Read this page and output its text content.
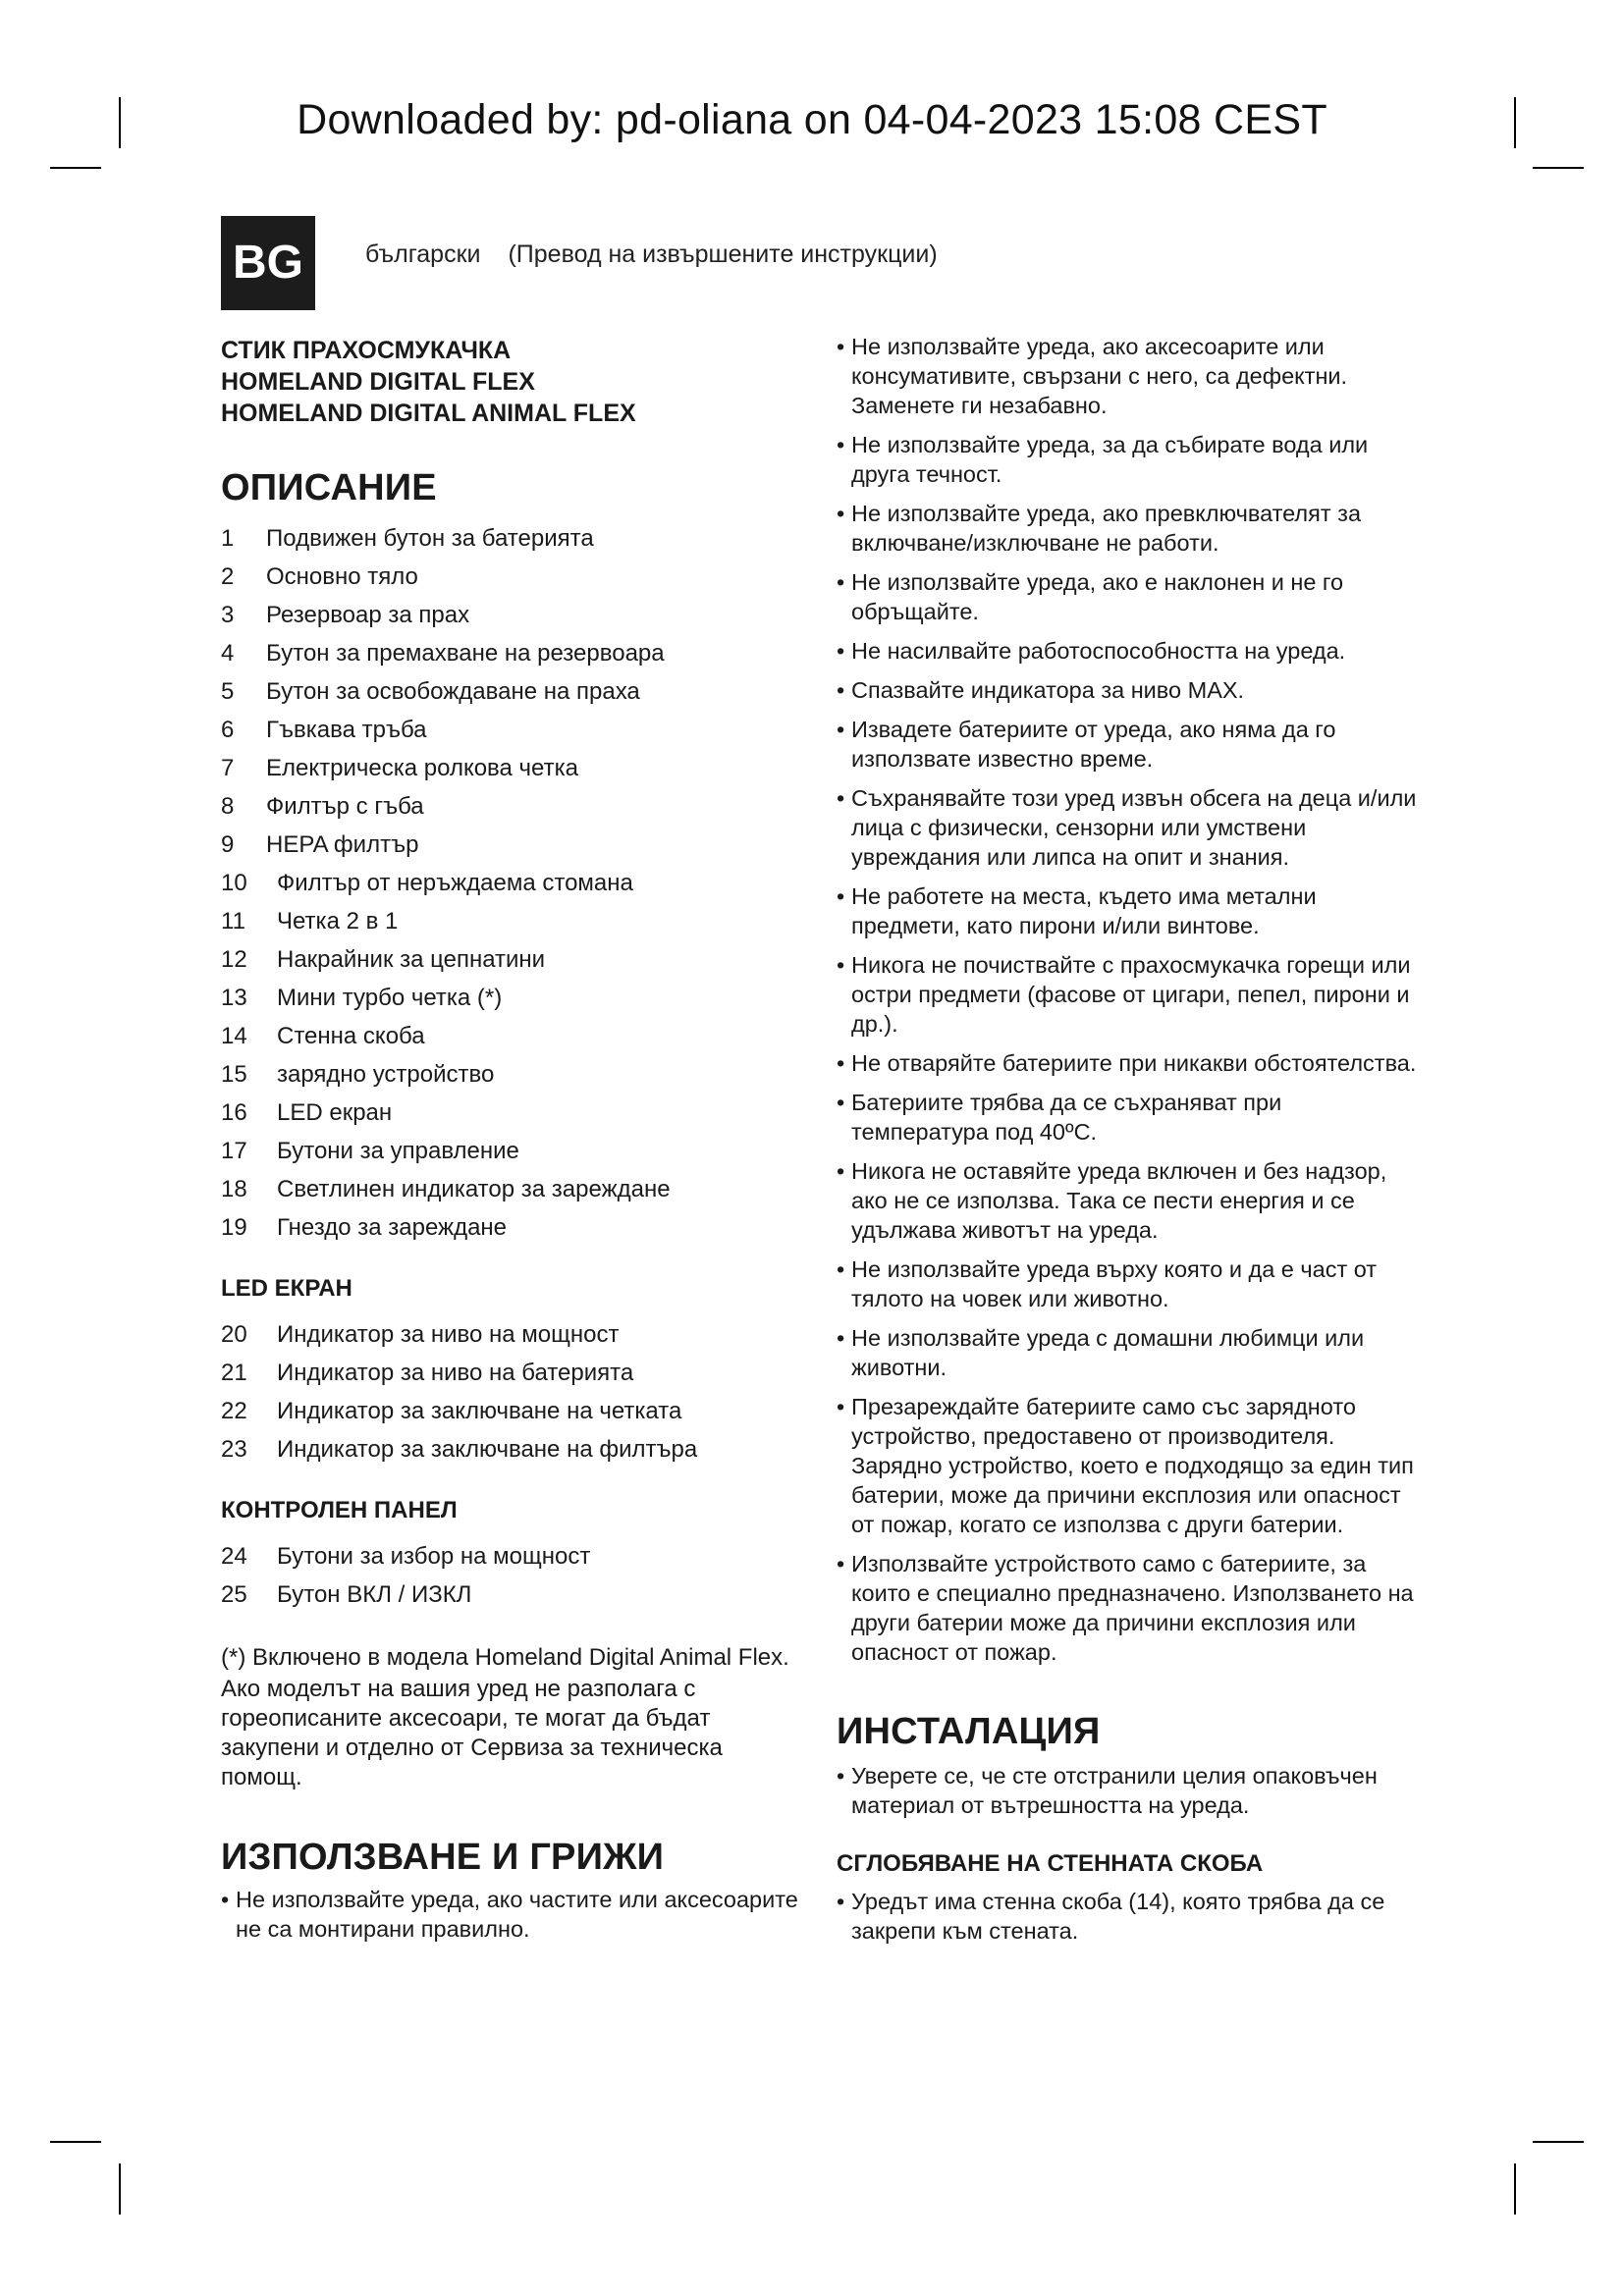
Downloaded by: pd-oliana on 04-04-2023 15:08 CEST
BG	български (Превод на извършените инструкции)

СТИК ПРАХОСМУКАЧКА

HOMELAND DIGITAL FLEX

HOMELAND DIGITAL ANIMAL FLEX

ОПИСАНИЕ
1	Подвижен бутон за батерията
2	Основно тяло
3	Резервоар за прах
4	Бутон за премахване на резервоара
5	Бутон за освобождаване на праха
6	Гъвкава тръба
7	Електрическа ролкова четка
8	Филтър с гъба
9	HEPA филтър
10	Филтър от неръждаема стомана
11	Четка 2 в 1
12	Накрайник за цепнатини
13	Мини турбо четка (*)
14	Стенна скоба
15	зарядно устройство
16	LED екран
17	Бутони за управление
18	Светлинен индикатор за зареждане
19	Гнездо за зареждане
LED ЕКРАН
20	Индикатор за ниво на мощност
21	Индикатор за ниво на батерията
22	Индикатор за заключване на четката
23	Индикатор за заключване на филтъра
КОНТРОЛЕН ПАНЕЛ
24	Бутони за избор на мощност
25	Бутон ВКЛ / ИЗКЛ

(*) Включено в модела Homeland Digital Animal Flex.

Ако моделът на вашия уред не разполага с гореописаните аксесоари, те могат да бъдат закупени и отделно от Сервиза за техническа помощ.

ИЗПОЛЗВАНЕ И ГРИЖИ
• Не използвайте уреда, ако частите или аксесоарите не са монтирани правилно.
• Не използвайте уреда, ако аксесоарите или консумативите, свързани с него, са дефектни. Заменете ги незабавно.
• Не използвайте уреда, за да събирате вода или друга течност.
• Не използвайте уреда, ако превключвателят за включване/изключване не работи.
• Не използвайте уреда, ако е наклонен и не го обръщайте.
• Не насилвайте работоспособността на уреда.
• Спазвайте индикатора за ниво MAX.
• Извадете батериите от уреда, ако няма да го използвате известно време.
• Съхранявайте този уред извън обсега на деца и/или лица с физически, сензорни или умствени увреждания или липса на опит и знания.
• Не работете на места, където има метални предмети, като пирони и/или винтове.
• Никога не почиствайте с прахосмукачка горещи или остри предмети (фасове от цигари, пепел, пирони и др.).
• Не отваряйте батериите при никакви обстоятелства.
• Батериите трябва да се съхраняват при температура под 40ºC.
• Никога не оставяйте уреда включен и без надзор, ако не се използва. Така се пести енергия и се удължава животът на уреда.
• Не използвайте уреда върху която и да е част от тялото на човек или животно.
• Не използвайте уреда с домашни любимци или животни.
• Презареждайте батериите само със зарядното устройство, предоставено от производителя. Зарядно устройство, което е подходящо за един тип батерии, може да причини експлозия или опасност от пожар, когато се използва с други батерии.
• Използвайте устройството само с батериите, за които е специално предназначено. Използването на други батерии може да причини експлозия или опасност от пожар.
ИНСТАЛАЦИЯ
• Уверете се, че сте отстранили целия опаковъчен материал от вътрешността на уреда.
СГЛОБЯВАНЕ НА СТЕННАТА СКОБА
• Уредът има стенна скоба (14), която трябва да се закрепи към стената.
